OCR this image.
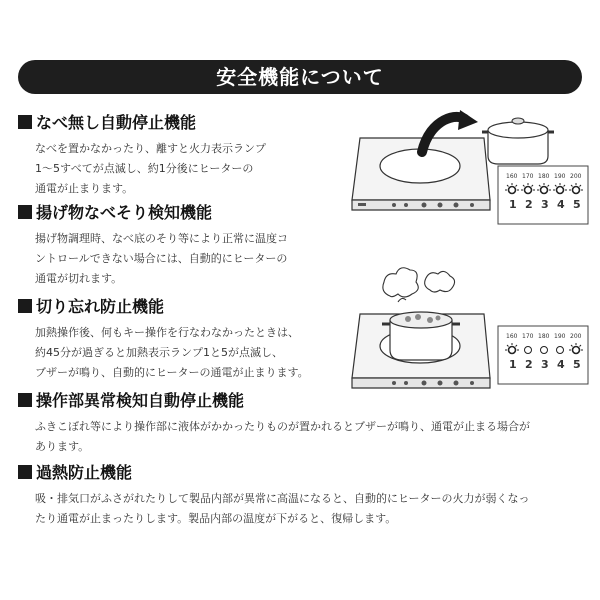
安全機能について
なべ無し自動停止機能

なべを置かなかったり、離すと火力表示ランプ
1～5すべてが点滅し、約1分後にヒーターの
通電が止まります。

揚げ物なべそり検知機能

揚げ物調理時、なべ底のそり等により正常に温度コ
ントロールできない場合には、自動的にヒーターの
通電が切れます。

切り忘れ防止機能

加熱操作後、何もキー操作を行なわなかったときは、
約45分が過ぎると加熱表示ランプ1と5が点滅し、
ブザーが鳴り、自動的にヒーターの通電が止まります。

操作部異常検知自動停止機能

ふきこぼれ等により操作部に液体がかかったりものが置かれるとブザーが鳴り、通電が止まる場合が
あります。

過熱防止機能

吸・排気口がふさがれたりして製品内部が異常に高温になると、自動的にヒーターの火力が弱くなっ
たり通電が止まったりします。製品内部の温度が下がると、復帰します。

160 170 180 190 200
1 2 3 4 5
160 170 180 190 200
1 2 3 4 5
